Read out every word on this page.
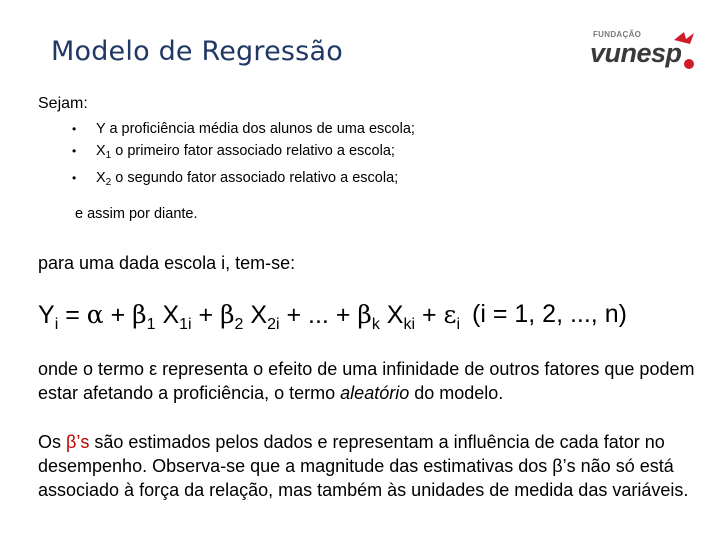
Modelo de Regressão
FUNDAÇÃO
vunesp
Sejam:
• Y a proficiência média dos alunos de uma escola;
• $X_1$ o primeiro fator associado relativo a escola;
• $X_2$ o segundo fator associado relativo a escola;
e assim por diante.
para uma dada escola i, tem-se:
$Y_i = \alpha + \beta_1$ $X_{1i} + \beta_2$ $X_{2i}$ + ... + $\beta_k$ $X_{ki} + \varepsilon_i$ (i = 1, 2, ..., n)
onde o termo ε representa o efeito de uma infinidade de outros fatores que podem estar afetando a proficiência, o termo aleatório do modelo.
Os β’s são estimados pelos dados e representam a influência de cada fator no desempenho. Observa-se que a magnitude das estimativas dos β’s não só está associado à força da relação, mas também às unidades de medida das variáveis.
